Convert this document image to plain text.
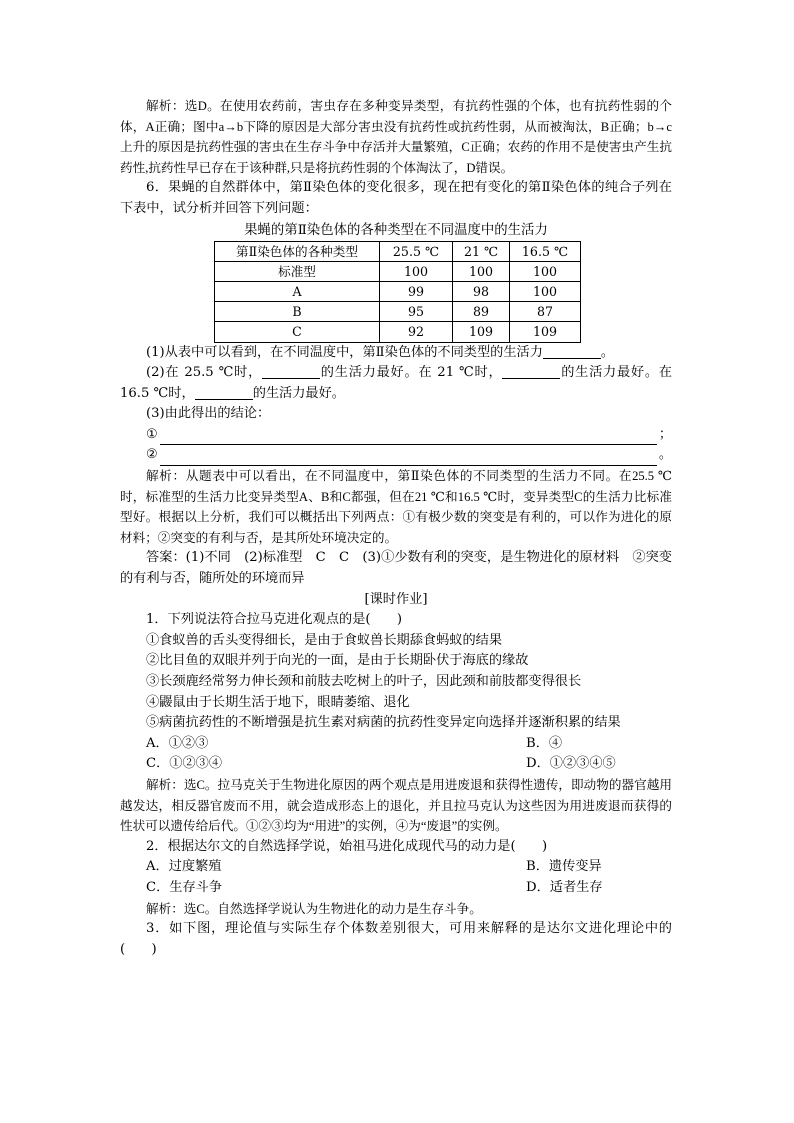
解析：选D。在使用农药前，害虫存在多种变异类型，有抗药性强的个体，也有抗药性弱的个体，A正确；图中a→b下降的原因是大部分害虫没有抗药性或抗药性弱，从而被淘汰，B正确；b→c上升的原因是抗药性强的害虫在生存斗争中存活并大量繁殖，C正确；农药的作用不是使害虫产生抗药性,抗药性早已存在于该种群,只是将抗药性弱的个体淘汰了，D错误。

6．果蝇的自然群体中，第Ⅱ染色体的变化很多，现在把有变化的第Ⅱ染色体的纯合子列在下表中，试分析并回答下列问题：

果蝇的第Ⅱ染色体的各种类型在不同温度中的生活力
第Ⅱ染色体的各种类型	25.5 ℃	21 ℃	16.5 ℃
标准型	100	100	100
A	99	98	100
B	95	89	87
C	92	109	109

(1)从表中可以看到，在不同温度中，第Ⅱ染色体的不同类型的生活力	。

(2)在 25.5 ℃时，	的生活力最好。在 21 ℃时，	的生活力最好。在 16.5 ℃时，	的生活力最好。

(3)由此得出的结论：

①	；
②	。

解析：从题表中可以看出，在不同温度中，第Ⅱ染色体的不同类型的生活力不同。在25.5 ℃时，标准型的生活力比变异类型A、B和C都强，但在21 ℃和16.5 ℃时，变异类型C的生活力比标准型好。根据以上分析，我们可以概括出下列两点：①有极少数的突变是有利的，可以作为进化的原材料；②突变的有利与否，是其所处环境决定的。

答案：(1)不同　(2)标准型　C　C　(3)①少数有利的突变，是生物进化的原材料　②突变的有利与否，随所处的环境而异

[课时作业]

1．下列说法符合拉马克进化观点的是(　　)

①食蚁兽的舌头变得细长，是由于食蚁兽长期舔食蚂蚁的结果

②比目鱼的双眼并列于向光的一面，是由于长期卧伏于海底的缘故

③长颈鹿经常努力伸长颈和前肢去吃树上的叶子，因此颈和前肢都变得很长

④鼹鼠由于长期生活于地下，眼睛萎缩、退化

⑤病菌抗药性的不断增强是抗生素对病菌的抗药性变异定向选择并逐渐积累的结果

A．①②③	B．④
C．①②③④	D．①②③④⑤

解析：选C。拉马克关于生物进化原因的两个观点是用进废退和获得性遗传，即动物的器官越用越发达，相反器官废而不用，就会造成形态上的退化，并且拉马克认为这些因为用进废退而获得的性状可以遗传给后代。①②③均为“用进”的实例，④为“废退”的实例。

2．根据达尔文的自然选择学说，始祖马进化成现代马的动力是(　　)

A．过度繁殖	B．遗传变异
C．生存斗争	D．适者生存

解析：选C。自然选择学说认为生物进化的动力是生存斗争。

3．如下图，理论值与实际生存个体数差别很大，可用来解释的是达尔文进化理论中的(　　)
